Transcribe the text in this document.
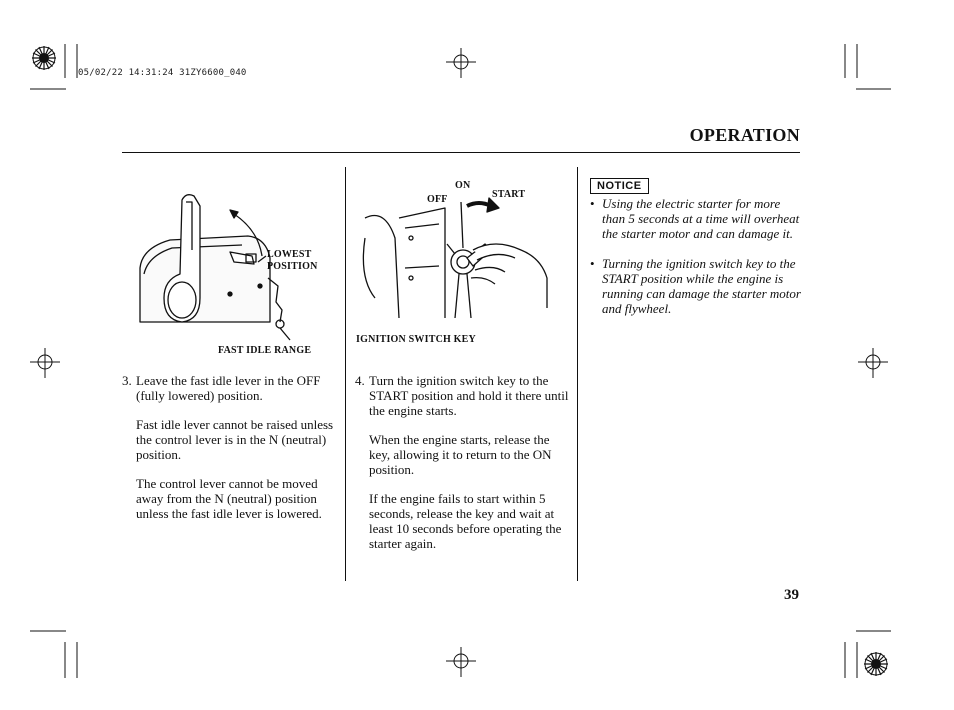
05/02/22 14:31:24 31ZY6600_040
OPERATION
LOWEST
POSITION
FAST IDLE RANGE
ON
OFF	START
IGNITION SWITCH KEY
3. Leave the fast idle lever in the OFF (fully lowered) position.

Fast idle lever cannot be raised unless the control lever is in the N (neutral) position.

The control lever cannot be moved away from the N (neutral) position unless the fast idle lever is lowered.

4. Turn the ignition switch key to the START position and hold it there until the engine starts.

When the engine starts, release the key, allowing it to return to the ON position.

If the engine fails to start within 5 seconds, release the key and wait at least 10 seconds before operating the starter again.

NOTICE
• Using the electric starter for more than 5 seconds at a time will overheat the starter motor and can damage it.
• Turning the ignition switch key to the START position while the engine is running can damage the starter motor and flywheel.
39
